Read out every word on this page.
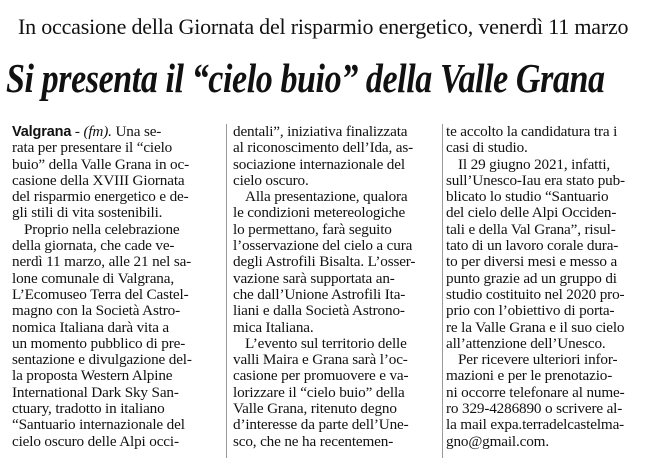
In occasione della Giornata del risparmio energetico, venerdì 11 marzo
Si presenta il “cielo buio” della Valle Grana
Valgrana - (fm). Una se-
rata per presentare il “cielo
buio” della Valle Grana in oc-
casione della XVIII Giornata
del risparmio energetico e de-
gli stili di vita sostenibili.
Proprio nella celebrazione
della giornata, che cade ve-
nerdì 11 marzo, alle 21 nel sa-
lone comunale di Valgrana,
L’Ecomuseo Terra del Castel-
magno con la Società Astro-
nomica Italiana darà vita a
un momento pubblico di pre-
sentazione e divulgazione del-
la proposta Western Alpine
International Dark Sky San-
ctuary, tradotto in italiano
“Santuario internazionale del
cielo oscuro delle Alpi occi-
dentali”, iniziativa finalizzata
al riconoscimento dell’Ida, as-
sociazione internazionale del
cielo oscuro.
Alla presentazione, qualora
le condizioni metereologiche
lo permettano, farà seguito
l’osservazione del cielo a cura
degli Astrofili Bisalta. L’osser-
vazione sarà supportata an-
che dall’Unione Astrofili Ita-
liani e dalla Società Astrono-
mica Italiana.
L’evento sul territorio delle
valli Maira e Grana sarà l’oc-
casione per promuovere e va-
lorizzare il “cielo buio” della
Valle Grana, ritenuto degno
d’interesse da parte dell’Une-
sco, che ne ha recentemen-
te accolto la candidatura tra i
casi di studio.
Il 29 giugno 2021, infatti,
sull’Unesco-Iau era stato pub-
blicato lo studio “Santuario
del cielo delle Alpi Occiden-
tali e della Val Grana”, risul-
tato di un lavoro corale dura-
to per diversi mesi e messo a
punto grazie ad un gruppo di
studio costituito nel 2020 pro-
prio con l’obiettivo di porta-
re la Valle Grana e il suo cielo
all’attenzione dell’Unesco.
Per ricevere ulteriori infor-
mazioni e per le prenotazio-
ni occorre telefonare al nume-
ro 329-4286890 o scrivere al-
la mail expa.terradelcastelma-
gno@gmail.com.
